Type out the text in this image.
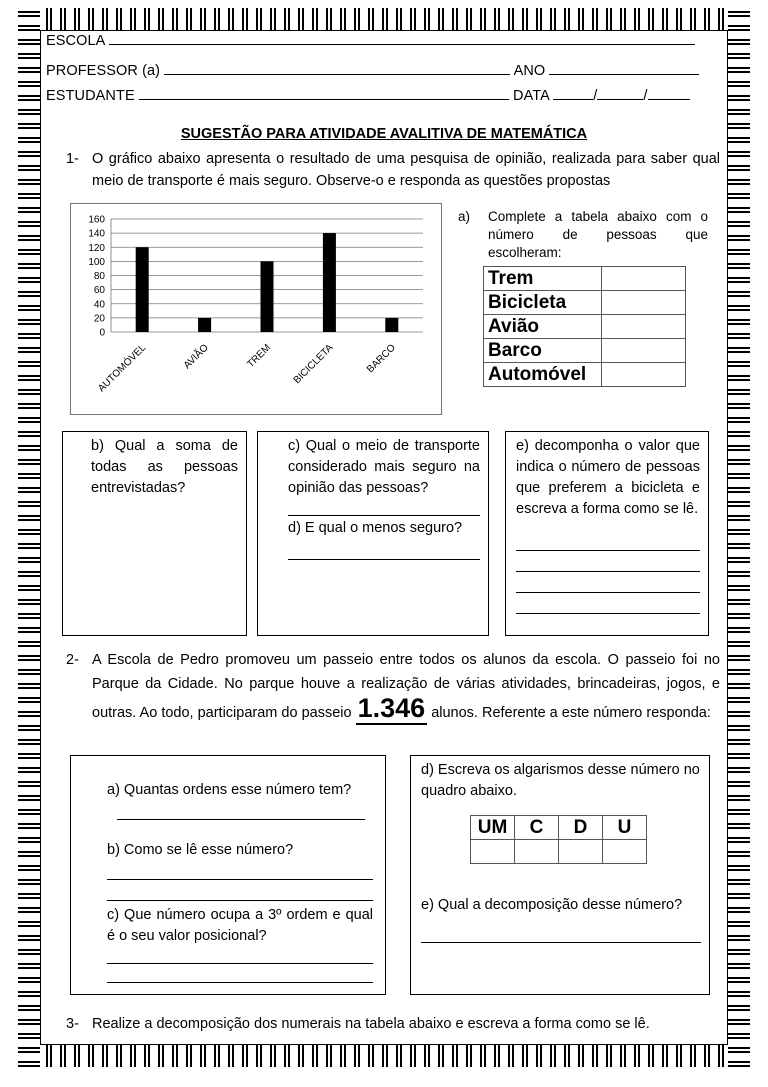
ESCOLA
PROFESSOR (a)	ANO
ESTUDANTE	DATA	/	/
SUGESTÃO PARA ATIVIDADE AVALITIVA DE MATEMÁTICA
1- O gráfico abaixo apresenta o resultado de uma pesquisa de opinião, realizada para saber qual meio de transporte é mais seguro. Observe-o e responda as questões propostas
0
20
40
60
80
100
120
140
160
AUTOMÓVEL	AVIÃO	TREM BICICLETA	BARCO
a) Complete a tabela abaixo com o número de pessoas que escolheram:
Trem	
Bicicleta	
Avião	
Barco	
Automóvel	
b) Qual a soma de todas as pessoas entrevistadas?
c) Qual o meio de transporte considerado mais seguro na opinião das pessoas?
d) E qual o menos seguro?
e) decomponha o valor que indica o número de pessoas que preferem a bicicleta e escreva a forma como se lê.
2- A Escola de Pedro promoveu um passeio entre todos os alunos da escola. O passeio foi no Parque da Cidade. No parque houve a realização de várias atividades, brincadeiras, jogos, e outras. Ao todo, participaram do passeio 1.346 alunos. Referente a este número responda:
a) Quantas ordens esse número tem?
b) Como se lê esse número?
c) Que número ocupa a 3º ordem e qual é o seu valor posicional?
d) Escreva os algarismos desse número no quadro abaixo.
e) Qual a decomposição desse número?
UM	C	D	U

3- Realize a decomposição dos numerais na tabela abaixo e escreva a forma como se lê.
